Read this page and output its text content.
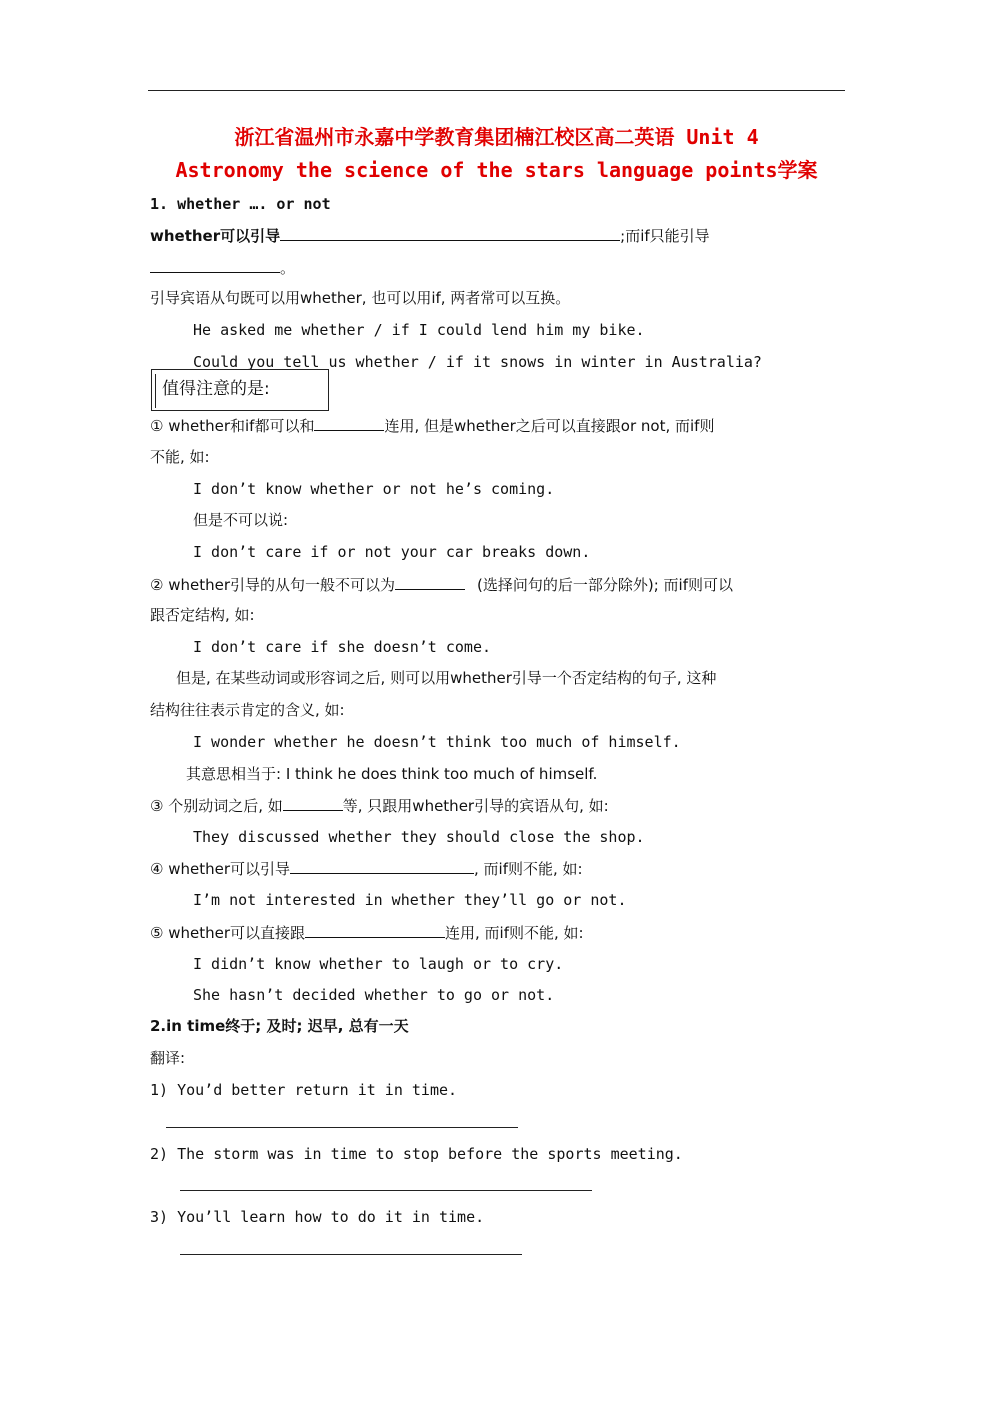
浙江省温州市永嘉中学教育集团楠江校区高二英语 Unit 4
Astronomy the science of the stars language points学案
1. whether …. or not
whether可以引导	;而if只能引导
。
引导宾语从句既可以用whether, 也可以用if, 两者常可以互换。
He asked me whether / if I could lend him my bike.
Could you tell us whether / if it snows in winter in Australia?
值得注意的是:
① whether和if都可以和	连用, 但是whether之后可以直接跟or not, 而if则
不能, 如:
I don’t know whether or not he’s coming.
但是不可以说:
I don’t care if or not your car breaks down.
② whether引导的从句一般不可以为	(选择问句的后一部分除外); 而if则可以
跟否定结构, 如:
I don’t care if she doesn’t come.
但是, 在某些动词或形容词之后, 则可以用whether引导一个否定结构的句子, 这种
结构往往表示肯定的含义, 如:
I wonder whether he doesn’t think too much of himself.
其意思相当于: I think he does think too much of himself.
③ 个别动词之后, 如	等, 只跟用whether引导的宾语从句, 如:
They discussed whether they should close the shop.
④ whether可以引导	, 而if则不能, 如:
I’m not interested in whether they’ll go or not.
⑤ whether可以直接跟	连用, 而if则不能, 如:
I didn’t know whether to laugh or to cry.
She hasn’t decided whether to go or not.
2.in time终于; 及时; 迟早, 总有一天
翻译:
1) You’d better return it in time.
2) The storm was in time to stop before the sports meeting.
3) You’ll learn how to do it in time.
